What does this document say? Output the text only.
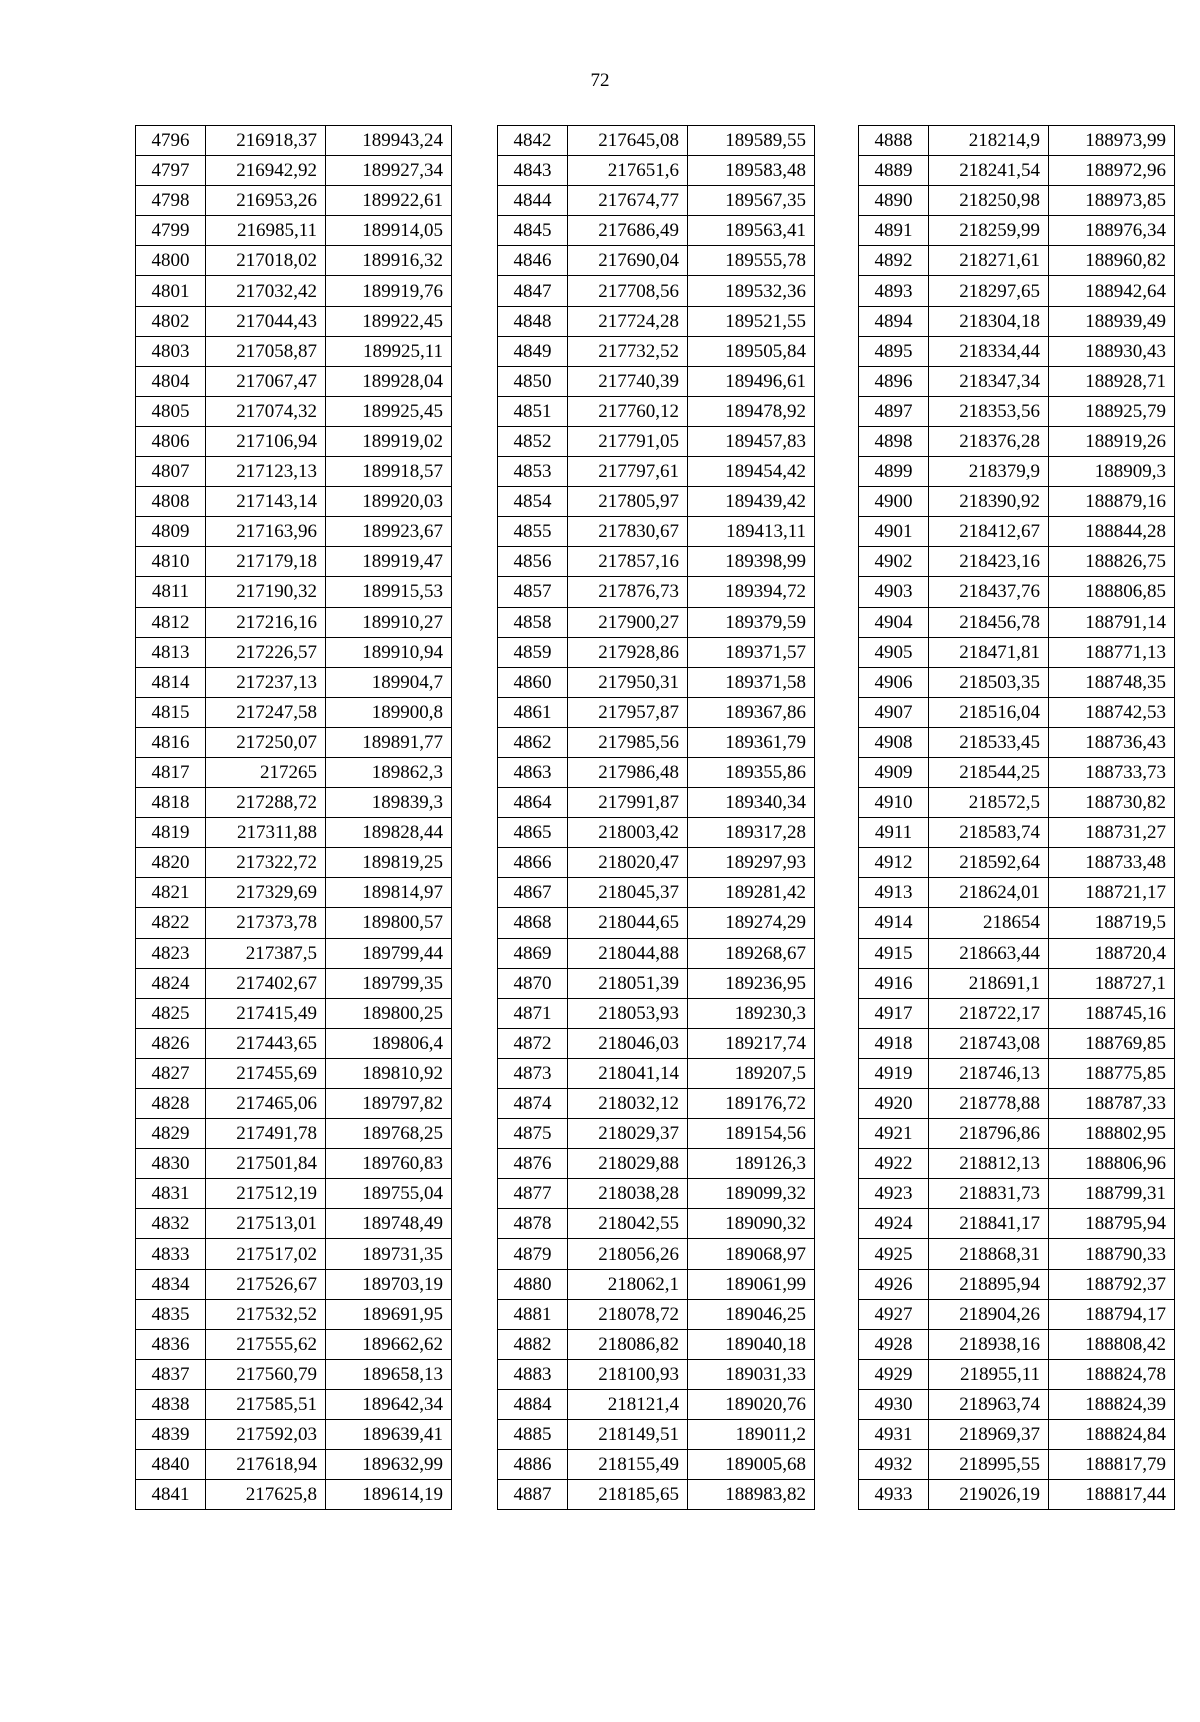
72
4796	216918,37	189943,24
4797	216942,92	189927,34
4798	216953,26	189922,61
4799	216985,11	189914,05
4800	217018,02	189916,32
4801	217032,42	189919,76
4802	217044,43	189922,45
4803	217058,87	189925,11
4804	217067,47	189928,04
4805	217074,32	189925,45
4806	217106,94	189919,02
4807	217123,13	189918,57
4808	217143,14	189920,03
4809	217163,96	189923,67
4810	217179,18	189919,47
4811	217190,32	189915,53
4812	217216,16	189910,27
4813	217226,57	189910,94
4814	217237,13	189904,7
4815	217247,58	189900,8
4816	217250,07	189891,77
4817	217265	189862,3
4818	217288,72	189839,3
4819	217311,88	189828,44
4820	217322,72	189819,25
4821	217329,69	189814,97
4822	217373,78	189800,57
4823	217387,5	189799,44
4824	217402,67	189799,35
4825	217415,49	189800,25
4826	217443,65	189806,4
4827	217455,69	189810,92
4828	217465,06	189797,82
4829	217491,78	189768,25
4830	217501,84	189760,83
4831	217512,19	189755,04
4832	217513,01	189748,49
4833	217517,02	189731,35
4834	217526,67	189703,19
4835	217532,52	189691,95
4836	217555,62	189662,62
4837	217560,79	189658,13
4838	217585,51	189642,34
4839	217592,03	189639,41
4840	217618,94	189632,99
4841	217625,8	189614,19
4842	217645,08	189589,55
4843	217651,6	189583,48
4844	217674,77	189567,35
4845	217686,49	189563,41
4846	217690,04	189555,78
4847	217708,56	189532,36
4848	217724,28	189521,55
4849	217732,52	189505,84
4850	217740,39	189496,61
4851	217760,12	189478,92
4852	217791,05	189457,83
4853	217797,61	189454,42
4854	217805,97	189439,42
4855	217830,67	189413,11
4856	217857,16	189398,99
4857	217876,73	189394,72
4858	217900,27	189379,59
4859	217928,86	189371,57
4860	217950,31	189371,58
4861	217957,87	189367,86
4862	217985,56	189361,79
4863	217986,48	189355,86
4864	217991,87	189340,34
4865	218003,42	189317,28
4866	218020,47	189297,93
4867	218045,37	189281,42
4868	218044,65	189274,29
4869	218044,88	189268,67
4870	218051,39	189236,95
4871	218053,93	189230,3
4872	218046,03	189217,74
4873	218041,14	189207,5
4874	218032,12	189176,72
4875	218029,37	189154,56
4876	218029,88	189126,3
4877	218038,28	189099,32
4878	218042,55	189090,32
4879	218056,26	189068,97
4880	218062,1	189061,99
4881	218078,72	189046,25
4882	218086,82	189040,18
4883	218100,93	189031,33
4884	218121,4	189020,76
4885	218149,51	189011,2
4886	218155,49	189005,68
4887	218185,65	188983,82
4888	218214,9	188973,99
4889	218241,54	188972,96
4890	218250,98	188973,85
4891	218259,99	188976,34
4892	218271,61	188960,82
4893	218297,65	188942,64
4894	218304,18	188939,49
4895	218334,44	188930,43
4896	218347,34	188928,71
4897	218353,56	188925,79
4898	218376,28	188919,26
4899	218379,9	188909,3
4900	218390,92	188879,16
4901	218412,67	188844,28
4902	218423,16	188826,75
4903	218437,76	188806,85
4904	218456,78	188791,14
4905	218471,81	188771,13
4906	218503,35	188748,35
4907	218516,04	188742,53
4908	218533,45	188736,43
4909	218544,25	188733,73
4910	218572,5	188730,82
4911	218583,74	188731,27
4912	218592,64	188733,48
4913	218624,01	188721,17
4914	218654	188719,5
4915	218663,44	188720,4
4916	218691,1	188727,1
4917	218722,17	188745,16
4918	218743,08	188769,85
4919	218746,13	188775,85
4920	218778,88	188787,33
4921	218796,86	188802,95
4922	218812,13	188806,96
4923	218831,73	188799,31
4924	218841,17	188795,94
4925	218868,31	188790,33
4926	218895,94	188792,37
4927	218904,26	188794,17
4928	218938,16	188808,42
4929	218955,11	188824,78
4930	218963,74	188824,39
4931	218969,37	188824,84
4932	218995,55	188817,79
4933	219026,19	188817,44
